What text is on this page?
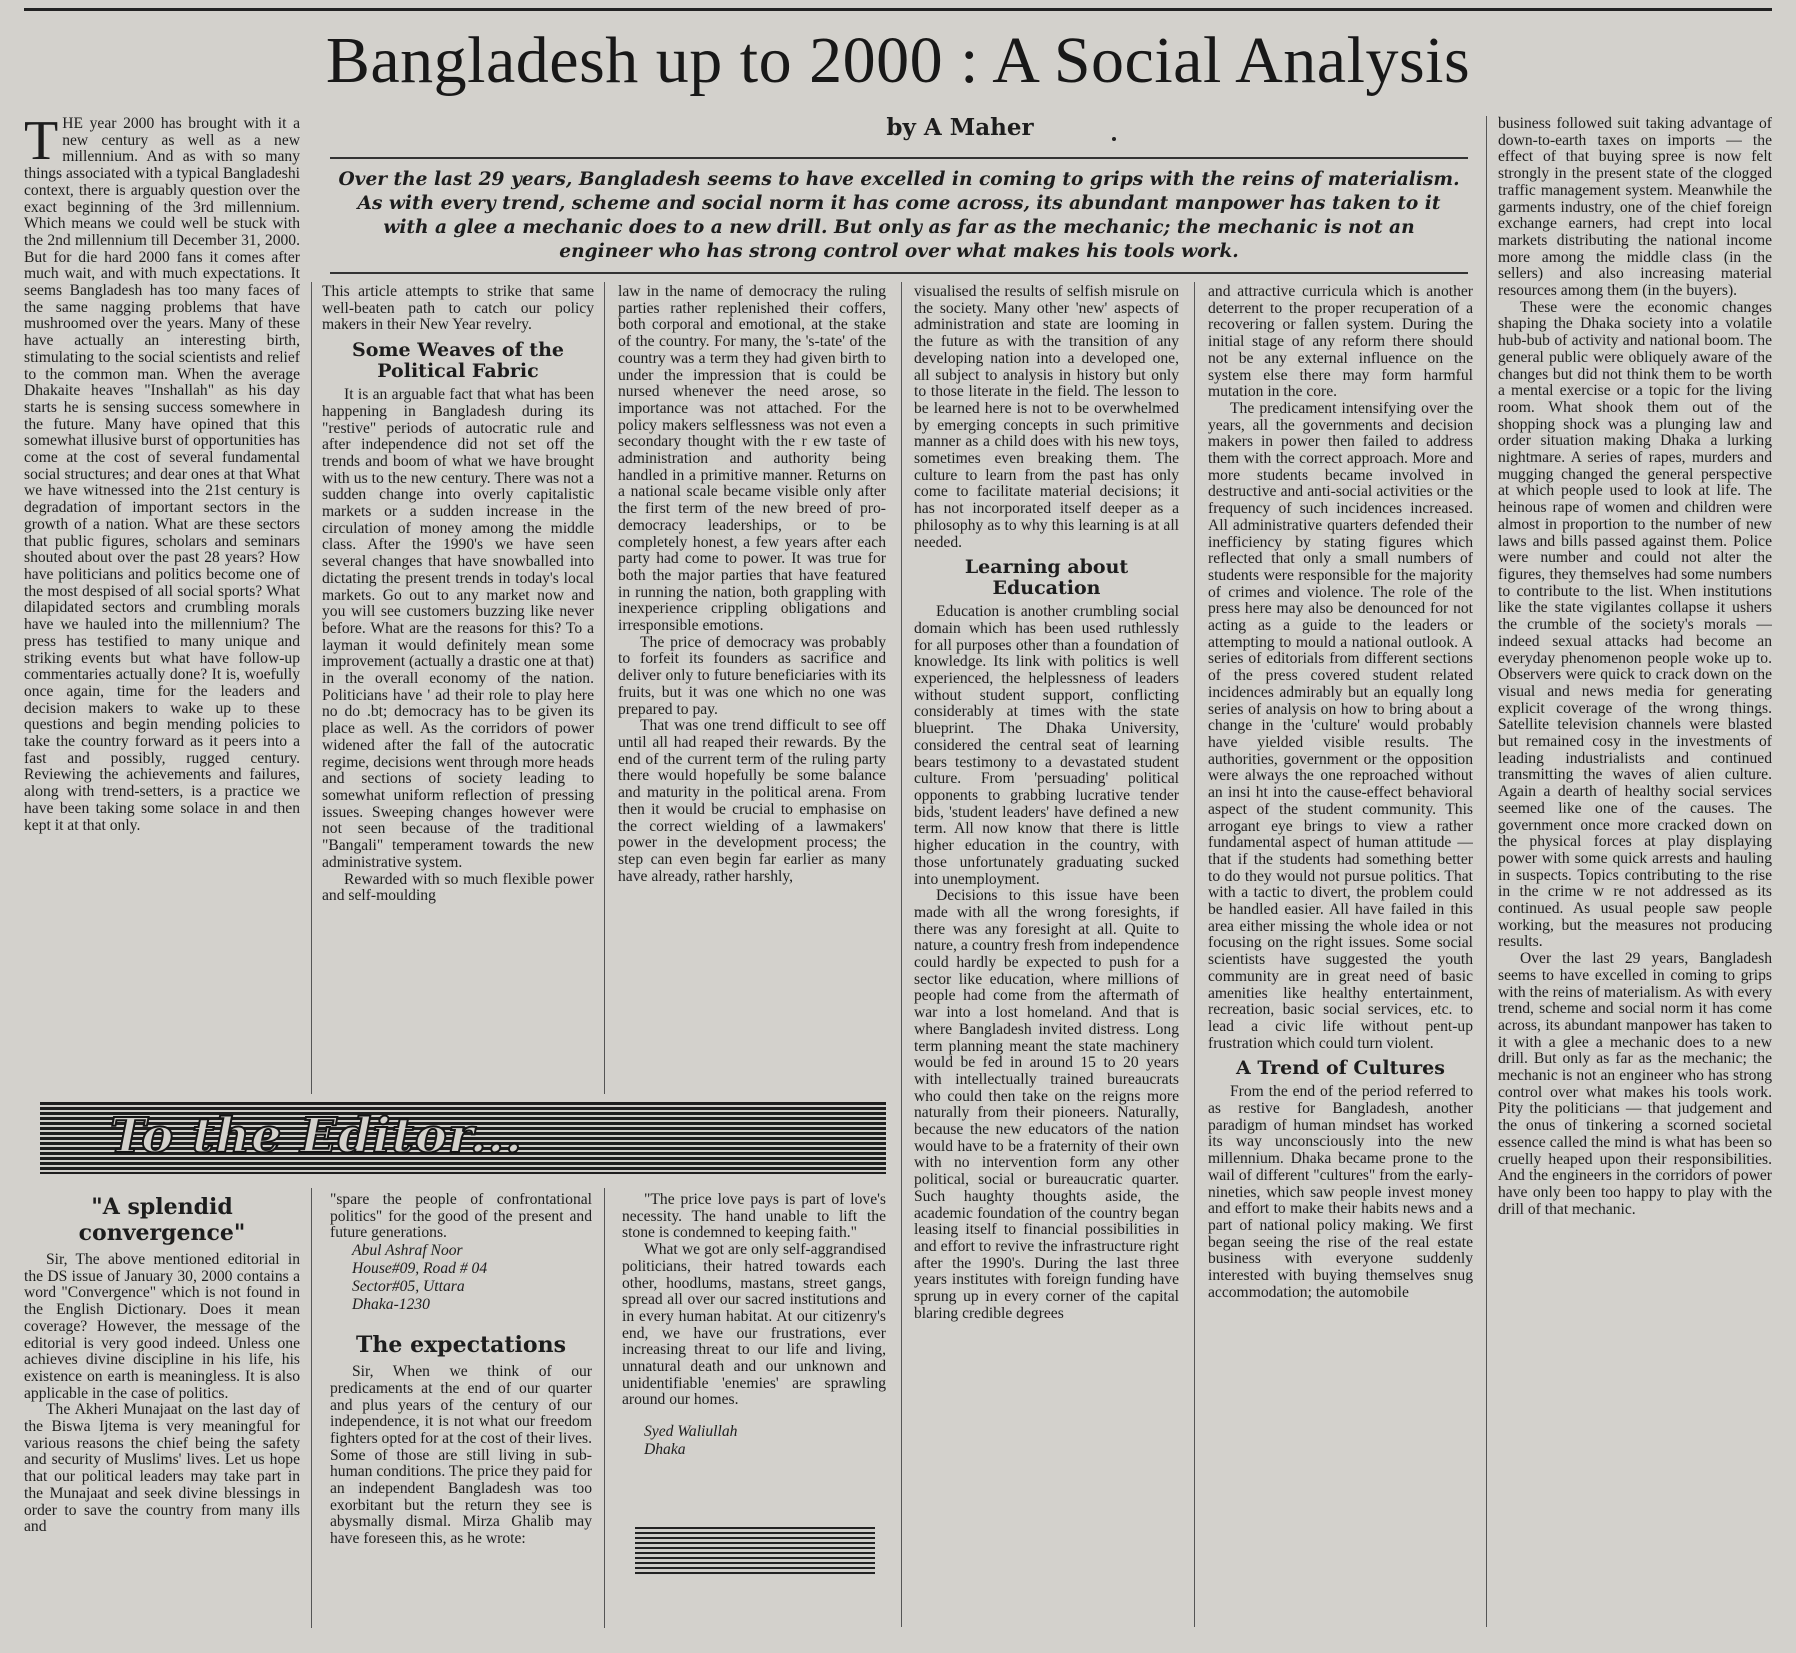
Bangladesh up to 2000 : A Social Analysis
by A Maher
Over the last 29 years, Bangladesh seems to have excelled in coming to grips with the reins of materialism. As with every trend, scheme and social norm it has come across, its abundant manpower has taken to it with a glee a mechanic does to a new drill. But only as far as the mechanic; the mechanic is not an engineer who has strong control over what makes his tools work.

THE year 2000 has brought with it a new century as well as a new millennium. And as with so many things associated with a typical Bangladeshi context, there is arguably question over the exact beginning of the 3rd millennium. Which means we could well be stuck with the 2nd millennium till December 31, 2000. But for die hard 2000 fans it comes after much wait, and with much expectations. It seems Bangladesh has too many faces of the same nagging problems that have mushroomed over the years. Many of these have actually an interesting birth, stimulating to the social scientists and relief to the common man. When the average Dhakaite heaves "Inshallah" as his day starts he is sensing success somewhere in the future. Many have opined that this somewhat illusive burst of opportunities has come at the cost of several fundamental social structures; and dear ones at that What we have witnessed into the 21st century is degradation of important sectors in the growth of a nation. What are these sectors that public figures, scholars and seminars shouted about over the past 28 years? How have politicians and politics become one of the most despised of all social sports? What dilapidated sectors and crumbling morals have we hauled into the millennium? The press has testified to many unique and striking events but what have follow-up commentaries actually done? It is, woefully once again, time for the leaders and decision makers to wake up to these questions and begin mending policies to take the country forward as it peers into a fast and possibly, rugged century. Reviewing the achievements and failures, along with trend-setters, is a practice we have been taking some solace in and then kept it at that only.

This article attempts to strike that same well-beaten path to catch our policy makers in their New Year revelry.

Some Weaves of the Political Fabric

It is an arguable fact that what has been happening in Bangladesh during its "restive" periods of autocratic rule and after independence did not set off the trends and boom of what we have brought with us to the new century. There was not a sudden change into overly capitalistic markets or a sudden increase in the circulation of money among the middle class. After the 1990's we have seen several changes that have snowballed into dictating the present trends in today's local markets. Go out to any market now and you will see customers buzzing like never before. What are the reasons for this? To a layman it would definitely mean some improvement (actually a drastic one at that) in the overall economy of the nation. Politicians have ' ad their role to play here no do .bt; democracy has to be given its place as well. As the corridors of power widened after the fall of the autocratic regime, decisions went through more heads and sections of society leading to somewhat uniform reflection of pressing issues. Sweeping changes however were not seen because of the traditional "Bangali" temperament towards the new administrative system.

Rewarded with so much flexible power and self-moulding

law in the name of democracy the ruling parties rather replenished their coffers, both corporal and emotional, at the stake of the country. For many, the 's-tate' of the country was a term they had given birth to under the impression that is could be nursed whenever the need arose, so importance was not attached. For the policy makers selflessness was not even a secondary thought with the r ew taste of administration and authority being handled in a primitive manner. Returns on a national scale became visible only after the first term of the new breed of pro-democracy leaderships, or to be completely honest, a few years after each party had come to power. It was true for both the major parties that have featured in running the nation, both grappling with inexperience crippling obligations and irresponsible emotions.

The price of democracy was probably to forfeit its founders as sacrifice and deliver only to future beneficiaries with its fruits, but it was one which no one was prepared to pay.

That was one trend difficult to see off until all had reaped their rewards. By the end of the current term of the ruling party there would hopefully be some balance and maturity in the political arena. From then it would be crucial to emphasise on the correct wielding of a lawmakers' power in the development process; the step can even begin far earlier as many have already, rather harshly,

visualised the results of selfish misrule on the society. Many other 'new' aspects of administration and state are looming in the future as with the transition of any developing nation into a developed one, all subject to analysis in history but only to those literate in the field. The lesson to be learned here is not to be overwhelmed by emerging concepts in such primitive manner as a child does with his new toys, sometimes even breaking them. The culture to learn from the past has only come to facilitate material decisions; it has not incorporated itself deeper as a philosophy as to why this learning is at all needed.

Learning about Education

Education is another crumbling social domain which has been used ruthlessly for all purposes other than a foundation of knowledge. Its link with politics is well experienced, the helplessness of leaders without student support, conflicting considerably at times with the state blueprint. The Dhaka University, considered the central seat of learning bears testimony to a devastated student culture. From 'persuading' political opponents to grabbing lucrative tender bids, 'student leaders' have defined a new term. All now know that there is little higher education in the country, with those unfortunately graduating sucked into unemployment.

Decisions to this issue have been made with all the wrong foresights, if there was any foresight at all. Quite to nature, a country fresh from independence could hardly be expected to push for a sector like education, where millions of people had come from the aftermath of war into a lost homeland. And that is where Bangladesh invited distress. Long term planning meant the state machinery would be fed in around 15 to 20 years with intellectually trained bureaucrats who could then take on the reigns more naturally from their pioneers. Naturally, because the new educators of the nation would have to be a fraternity of their own with no intervention form any other political, social or bureaucratic quarter. Such haughty thoughts aside, the academic foundation of the country began leasing itself to financial possibilities in and effort to revive the infrastructure right after the 1990's. During the last three years institutes with foreign funding have sprung up in every corner of the capital blaring credible degrees

and attractive curricula which is another deterrent to the proper recuperation of a recovering or fallen system. During the initial stage of any reform there should not be any external influence on the system else there may form harmful mutation in the core.

The predicament intensifying over the years, all the governments and decision makers in power then failed to address them with the correct approach. More and more students became involved in destructive and anti-social activities or the frequency of such incidences increased. All administrative quarters defended their inefficiency by stating figures which reflected that only a small numbers of students were responsible for the majority of crimes and violence. The role of the press here may also be denounced for not acting as a guide to the leaders or attempting to mould a national outlook. A series of editorials from different sections of the press covered student related incidences admirably but an equally long series of analysis on how to bring about a change in the 'culture' would probably have yielded visible results. The authorities, government or the opposition were always the one reproached without an insi ht into the cause-effect behavioral aspect of the student community. This arrogant eye brings to view a rather fundamental aspect of human attitude — that if the students had something better to do they would not pursue politics. That with a tactic to divert, the problem could be handled easier. All have failed in this area either missing the whole idea or not focusing on the right issues. Some social scientists have suggested the youth community are in great need of basic amenities like healthy entertainment, recreation, basic social services, etc. to lead a civic life without pent-up frustration which could turn violent.

A Trend of Cultures

From the end of the period referred to as restive for Bangladesh, another paradigm of human mindset has worked its way unconsciously into the new millennium. Dhaka became prone to the wail of different "cultures" from the early-nineties, which saw people invest money and effort to make their habits news and a part of national policy making. We first began seeing the rise of the real estate business with everyone suddenly interested with buying themselves snug accommodation; the automobile

business followed suit taking advantage of down-to-earth taxes on imports — the effect of that buying spree is now felt strongly in the present state of the clogged traffic management system. Meanwhile the garments industry, one of the chief foreign exchange earners, had crept into local markets distributing the national income more among the middle class (in the sellers) and also increasing material resources among them (in the buyers).

These were the economic changes shaping the Dhaka society into a volatile hub-bub of activity and national boom. The general public were obliquely aware of the changes but did not think them to be worth a mental exercise or a topic for the living room. What shook them out of the shopping shock was a plunging law and order situation making Dhaka a lurking nightmare. A series of rapes, murders and mugging changed the general perspective at which people used to look at life. The heinous rape of women and children were almost in proportion to the number of new laws and bills passed against them. Police were number and could not alter the figures, they themselves had some numbers to contribute to the list. When institutions like the state vigilantes collapse it ushers the crumble of the society's morals — indeed sexual attacks had become an everyday phenomenon people woke up to. Observers were quick to crack down on the visual and news media for generating explicit coverage of the wrong things. Satellite television channels were blasted but remained cosy in the investments of leading industrialists and continued transmitting the waves of alien culture. Again a dearth of healthy social services seemed like one of the causes. The government once more cracked down on the physical forces at play displaying power with some quick arrests and hauling in suspects. Topics contributing to the rise in the crime w re not addressed as its continued. As usual people saw people working, but the measures not producing results.

Over the last 29 years, Bangladesh seems to have excelled in coming to grips with the reins of materialism. As with every trend, scheme and social norm it has come across, its abundant manpower has taken to it with a glee a mechanic does to a new drill. But only as far as the mechanic; the mechanic is not an engineer who has strong control over what makes his tools work. Pity the politicians — that judgement and the onus of tinkering a scorned societal essence called the mind is what has been so cruelly heaped upon their responsibilities. And the engineers in the corridors of power have only been too happy to play with the drill of that mechanic.

To the Editor...
"A splendid convergence"

Sir, The above mentioned editorial in the DS issue of January 30, 2000 contains a word "Convergence" which is not found in the English Dictionary. Does it mean coverage? However, the message of the editorial is very good indeed. Unless one achieves divine discipline in his life, his existence on earth is meaningless. It is also applicable in the case of politics.

The Akheri Munajaat on the last day of the Biswa Ijtema is very meaningful for various reasons the chief being the safety and security of Muslims' lives. Let us hope that our political leaders may take part in the Munajaat and seek divine blessings in order to save the country from many ills and

"spare the people of confrontational politics" for the good of the present and future generations.

Abul Ashraf Noor

House#09, Road # 04

Sector#05, Uttara

Dhaka-1230

The expectations

Sir, When we think of our predicaments at the end of our quarter and plus years of the century of our independence, it is not what our freedom fighters opted for at the cost of their lives. Some of those are still living in sub-human conditions. The price they paid for an independent Bangladesh was too exorbitant but the return they see is abysmally dismal. Mirza Ghalib may have foreseen this, as he wrote:

"The price love pays is part of love's necessity. The hand unable to lift the stone is condemned to keeping faith."

What we got are only self-aggrandised politicians, their hatred towards each other, hoodlums, mastans, street gangs, spread all over our sacred institutions and in every human habitat. At our citizenry's end, we have our frustrations, ever increasing threat to our life and living, unnatural death and our unknown and unidentifiable 'enemies' are sprawling around our homes.

Syed Waliullah

Dhaka
